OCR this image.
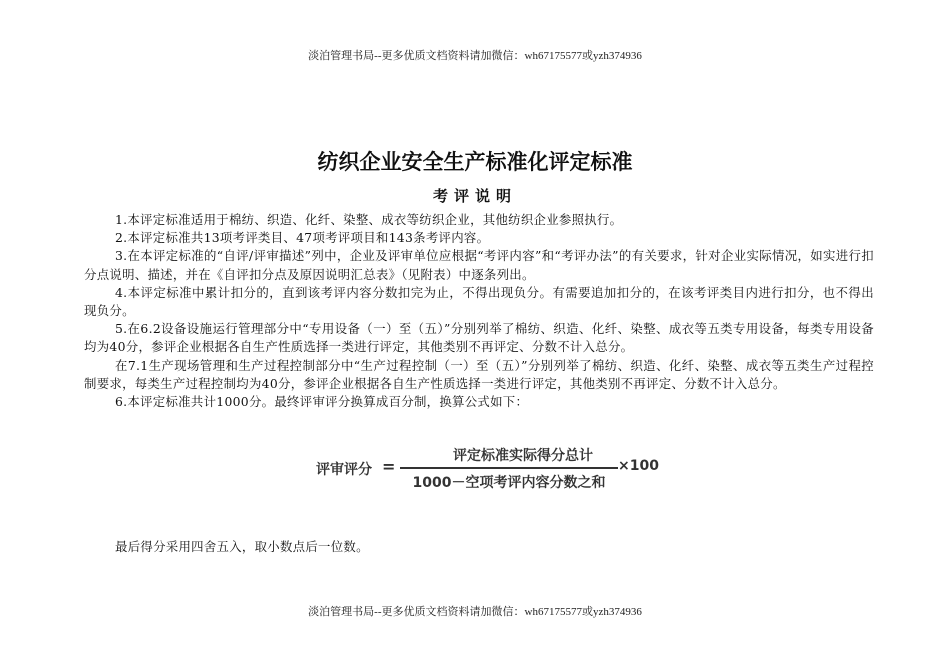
淡泊管理书局--更多优质文档资料请加微信：wh67175577或yzh374936
纺织企业安全生产标准化评定标准
考评说明

1.本评定标准适用于棉纺、织造、化纤、染整、成衣等纺织企业，其他纺织企业参照执行。

2.本评定标准共13项考评类目、47项考评项目和143条考评内容。

3.在本评定标准的“自评/评审描述”列中，企业及评审单位应根据“考评内容”和“考评办法”的有关要求，针对企业实际情况，如实进行扣分点说明、描述，并在《自评扣分点及原因说明汇总表》（见附表）中逐条列出。

4.本评定标准中累计扣分的，直到该考评内容分数扣完为止，不得出现负分。有需要追加扣分的，在该考评类目内进行扣分，也不得出现负分。

5.在6.2设备设施运行管理部分中“专用设备（一）至（五）”分别列举了棉纺、织造、化纤、染整、成衣等五类专用设备，每类专用设备均为40分，参评企业根据各自生产性质选择一类进行评定，其他类别不再评定、分数不计入总分。

在7.1生产现场管理和生产过程控制部分中“生产过程控制（一）至（五）”分别列举了棉纺、织造、化纤、染整、成衣等五类生产过程控制要求，每类生产过程控制均为40分，参评企业根据各自生产性质选择一类进行评定，其他类别不再评定、分数不计入总分。

6.本评定标准共计1000分。最终评审评分换算成百分制，换算公式如下：

评审评分 =
评定标准实际得分总计
1000－空项考评内容分数之和
×100
最后得分采用四舍五入，取小数点后一位数。
淡泊管理书局--更多优质文档资料请加微信：wh67175577或yzh374936
